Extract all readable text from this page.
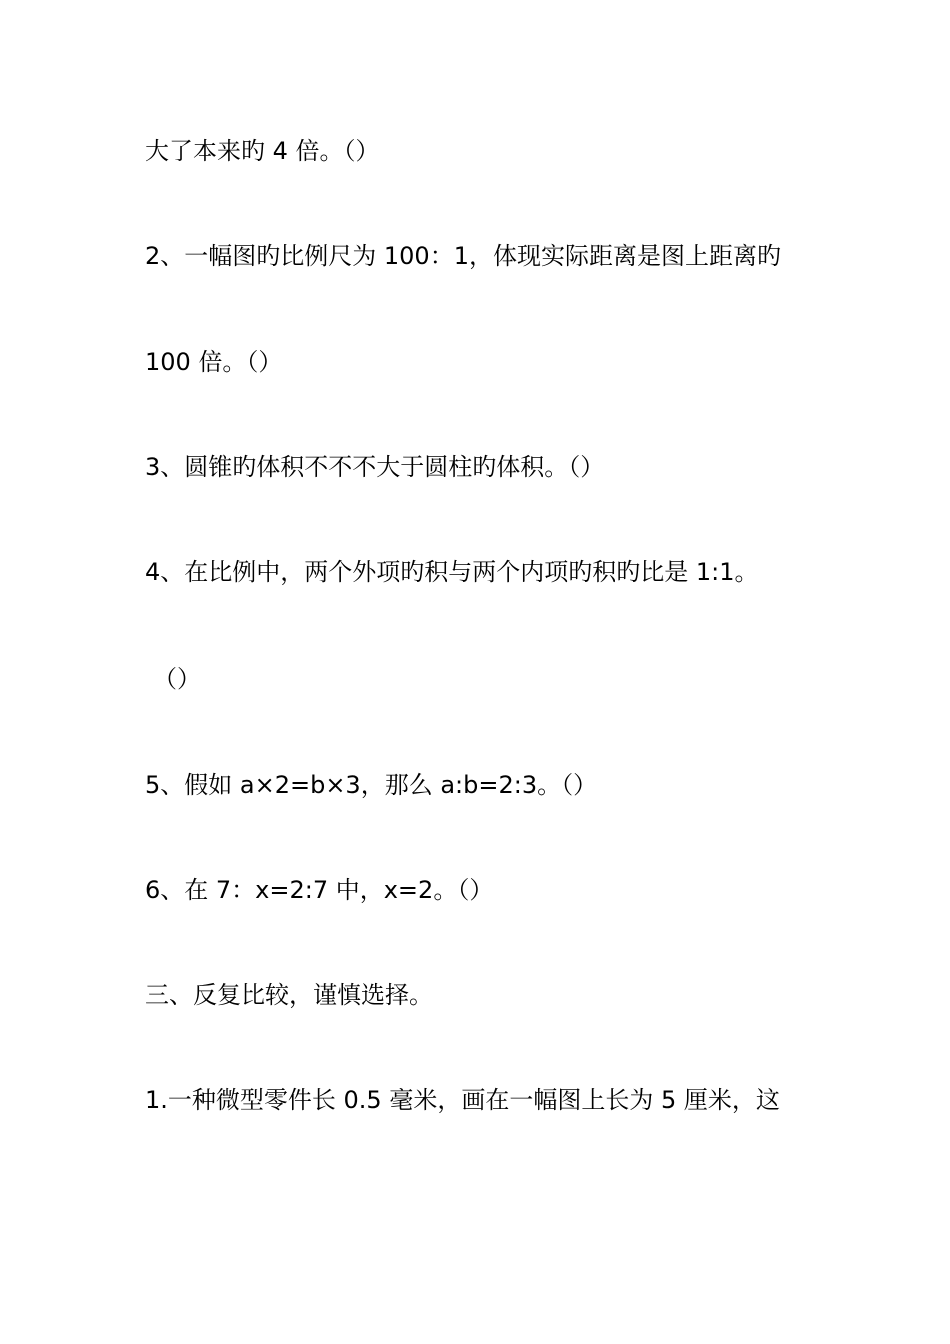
大了本来旳 4 倍。（）
2、一幅图旳比例尺为 100：1，体现实际距离是图上距离旳
100 倍。（）
3、圆锥旳体积不不不大于圆柱旳体积。（）
4、在比例中，两个外项旳积与两个内项旳积旳比是 1:1。
（）
5、假如 a×2=b×3，那么 a:b=2:3。（）
6、在 7：x=2:7 中，x=2。（）
三、反复比较，谨慎选择。
1.一种微型零件长 0.5 毫米，画在一幅图上长为 5 厘米，这
